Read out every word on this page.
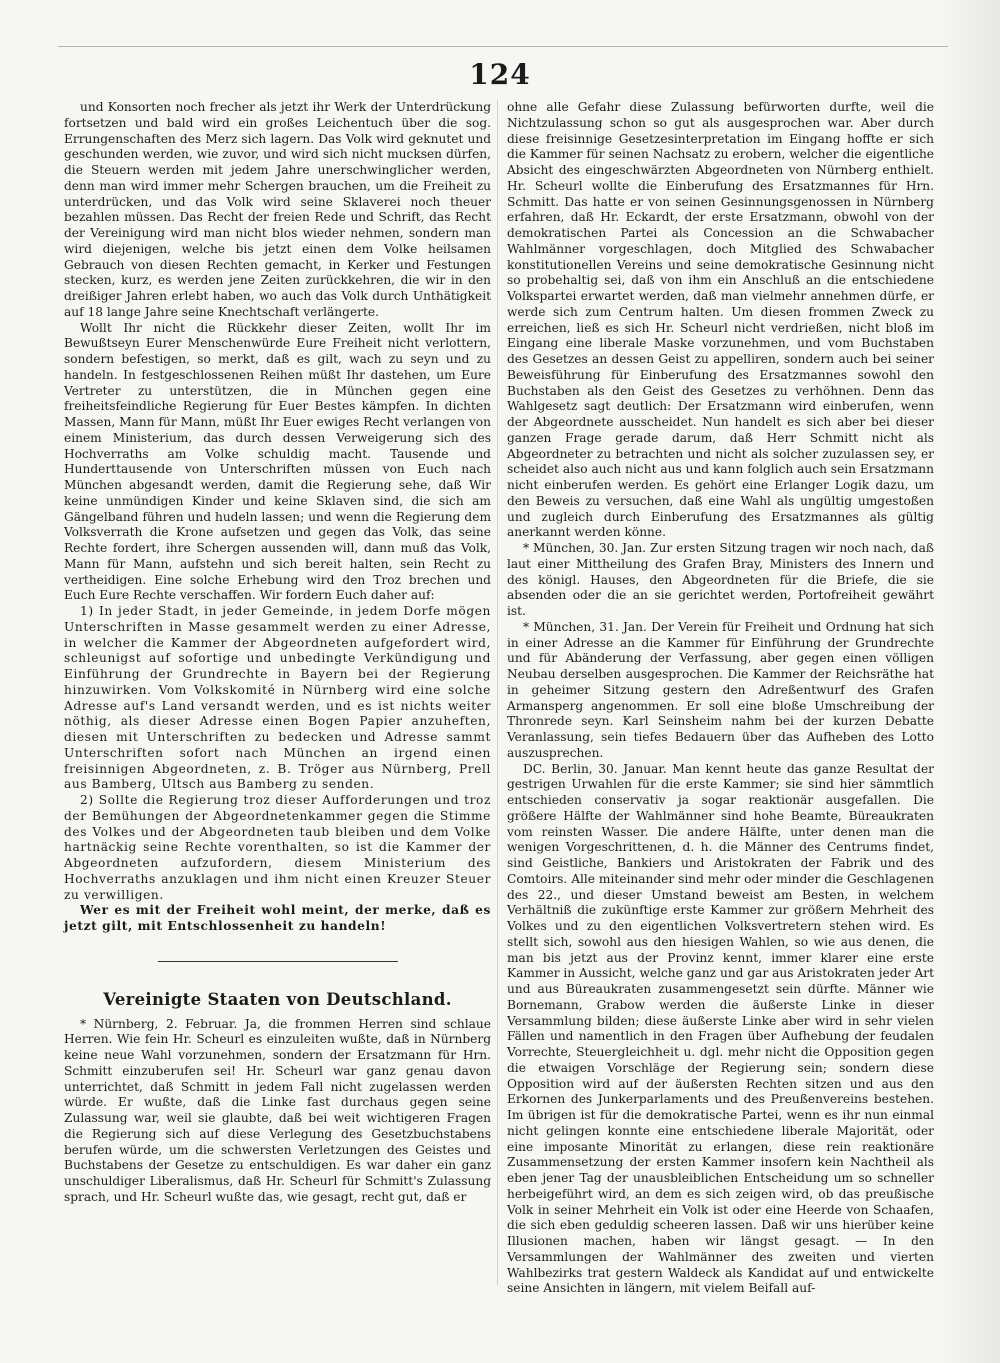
124

und Konsorten noch frecher als jetzt ihr Werk der Unterdrückung fortsetzen und bald wird ein großes Leichentuch über die sog. Errungenschaften des Merz sich lagern. Das Volk wird geknutet und geschunden werden, wie zuvor, und wird sich nicht mucksen dürfen, die Steuern werden mit jedem Jahre unerschwinglicher werden, denn man wird immer mehr Schergen brauchen, um die Freiheit zu unterdrücken, und das Volk wird seine Sklaverei noch theuer bezahlen müssen. Das Recht der freien Rede und Schrift, das Recht der Vereinigung wird man nicht blos wieder nehmen, sondern man wird diejenigen, welche bis jetzt einen dem Volke heilsamen Gebrauch von diesen Rechten gemacht, in Kerker und Festungen stecken, kurz, es werden jene Zeiten zurückkehren, die wir in den dreißiger Jahren erlebt haben, wo auch das Volk durch Unthätigkeit auf 18 lange Jahre seine Knechtschaft verlängerte.

Wollt Ihr nicht die Rückkehr dieser Zeiten, wollt Ihr im Bewußtseyn Eurer Menschenwürde Eure Freiheit nicht verlottern, sondern befestigen, so merkt, daß es gilt, wach zu seyn und zu handeln. In festgeschlossenen Reihen müßt Ihr dastehen, um Eure Vertreter zu unterstützen, die in München gegen eine freiheitsfeindliche Regierung für Euer Bestes kämpfen. In dichten Massen, Mann für Mann, müßt Ihr Euer ewiges Recht verlangen von einem Ministerium, das durch dessen Verweigerung sich des Hochverraths am Volke schuldig macht. Tausende und Hunderttausende von Unterschriften müssen von Euch nach München abgesandt werden, damit die Regierung sehe, daß Wir keine unmündigen Kinder und keine Sklaven sind, die sich am Gängelband führen und hudeln lassen; und wenn die Regierung dem Volksverrath die Krone aufsetzen und gegen das Volk, das seine Rechte fordert, ihre Schergen aussenden will, dann muß das Volk, Mann für Mann, aufstehn und sich bereit halten, sein Recht zu vertheidigen. Eine solche Erhebung wird den Troz brechen und Euch Eure Rechte verschaffen. Wir fordern Euch daher auf:

1) In jeder Stadt, in jeder Gemeinde, in jedem Dorfe mögen Unterschriften in Masse gesammelt werden zu einer Adresse, in welcher die Kammer der Abgeordneten aufgefordert wird, schleunigst auf sofortige und unbedingte Verkündigung und Einführung der Grundrechte in Bayern bei der Regierung hinzuwirken. Vom Volkskomité in Nürnberg wird eine solche Adresse auf's Land versandt werden, und es ist nichts weiter nöthig, als dieser Adresse einen Bogen Papier anzuheften, diesen mit Unterschriften zu bedecken und Adresse sammt Unterschriften sofort nach München an irgend einen freisinnigen Abgeordneten, z. B. Tröger aus Nürnberg, Prell aus Bamberg, Ultsch aus Bamberg zu senden.

2) Sollte die Regierung troz dieser Aufforderungen und troz der Bemühungen der Abgeordnetenkammer gegen die Stimme des Volkes und der Abgeordneten taub bleiben und dem Volke hartnäckig seine Rechte vorenthalten, so ist die Kammer der Abgeordneten aufzufordern, diesem Ministerium des Hochverraths anzuklagen und ihm nicht einen Kreuzer Steuer zu verwilligen.

Wer es mit der Freiheit wohl meint, der merke, daß es jetzt gilt, mit Entschlossenheit zu handeln!

Vereinigte Staaten von Deutschland.

* Nürnberg, 2. Februar. Ja, die frommen Herren sind schlaue Herren. Wie fein Hr. Scheurl es einzuleiten wußte, daß in Nürnberg keine neue Wahl vorzunehmen, sondern der Ersatzmann für Hrn. Schmitt einzuberufen sei! Hr. Scheurl war ganz genau davon unterrichtet, daß Schmitt in jedem Fall nicht zugelassen werden würde. Er wußte, daß die Linke fast durchaus gegen seine Zulassung war, weil sie glaubte, daß bei weit wichtigeren Fragen die Regierung sich auf diese Verlegung des Gesetzbuchstabens berufen würde, um die schwersten Verletzungen des Geistes und Buchstabens der Gesetze zu entschuldigen. Es war daher ein ganz unschuldiger Liberalismus, daß Hr. Scheurl für Schmitt's Zulassung sprach, und Hr. Scheurl wußte das, wie gesagt, recht gut, daß er

ohne alle Gefahr diese Zulassung befürworten durfte, weil die Nichtzulassung schon so gut als ausgesprochen war. Aber durch diese freisinnige Gesetzesinterpretation im Eingang hoffte er sich die Kammer für seinen Nachsatz zu erobern, welcher die eigentliche Absicht des eingeschwärzten Abgeordneten von Nürnberg enthielt. Hr. Scheurl wollte die Einberufung des Ersatzmannes für Hrn. Schmitt. Das hatte er von seinen Gesinnungsgenossen in Nürnberg erfahren, daß Hr. Eckardt, der erste Ersatzmann, obwohl von der demokratischen Partei als Concession an die Schwabacher Wahlmänner vorgeschlagen, doch Mitglied des Schwabacher konstitutionellen Vereins und seine demokratische Gesinnung nicht so probehaltig sei, daß von ihm ein Anschluß an die entschiedene Volkspartei erwartet werden, daß man vielmehr annehmen dürfe, er werde sich zum Centrum halten. Um diesen frommen Zweck zu erreichen, ließ es sich Hr. Scheurl nicht verdrießen, nicht bloß im Eingang eine liberale Maske vorzunehmen, und vom Buchstaben des Gesetzes an dessen Geist zu appelliren, sondern auch bei seiner Beweisführung für Einberufung des Ersatzmannes sowohl den Buchstaben als den Geist des Gesetzes zu verhöhnen. Denn das Wahlgesetz sagt deutlich: Der Ersatzmann wird einberufen, wenn der Abgeordnete ausscheidet. Nun handelt es sich aber bei dieser ganzen Frage gerade darum, daß Herr Schmitt nicht als Abgeordneter zu betrachten und nicht als solcher zuzulassen sey, er scheidet also auch nicht aus und kann folglich auch sein Ersatzmann nicht einberufen werden. Es gehört eine Erlanger Logik dazu, um den Beweis zu versuchen, daß eine Wahl als ungültig umgestoßen und zugleich durch Einberufung des Ersatzmannes als gültig anerkannt werden könne.

* München, 30. Jan. Zur ersten Sitzung tragen wir noch nach, daß laut einer Mittheilung des Grafen Bray, Ministers des Innern und des königl. Hauses, den Abgeordneten für die Briefe, die sie absenden oder die an sie gerichtet werden, Portofreiheit gewährt ist.

* München, 31. Jan. Der Verein für Freiheit und Ordnung hat sich in einer Adresse an die Kammer für Einführung der Grundrechte und für Abänderung der Verfassung, aber gegen einen völligen Neubau derselben ausgesprochen. Die Kammer der Reichsräthe hat in geheimer Sitzung gestern den Adreßentwurf des Grafen Armansperg angenommen. Er soll eine bloße Umschreibung der Thronrede seyn. Karl Seinsheim nahm bei der kurzen Debatte Veranlassung, sein tiefes Bedauern über das Aufheben des Lotto auszusprechen.

DC. Berlin, 30. Januar. Man kennt heute das ganze Resultat der gestrigen Urwahlen für die erste Kammer; sie sind hier sämmtlich entschieden conservativ ja sogar reaktionär ausgefallen. Die größere Hälfte der Wahlmänner sind hohe Beamte, Büreaukraten vom reinsten Wasser. Die andere Hälfte, unter denen man die wenigen Vorgeschrittenen, d. h. die Männer des Centrums findet, sind Geistliche, Bankiers und Aristokraten der Fabrik und des Comtoirs. Alle miteinander sind mehr oder minder die Geschlagenen des 22., und dieser Umstand beweist am Besten, in welchem Verhältniß die zukünftige erste Kammer zur größern Mehrheit des Volkes und zu den eigentlichen Volksvertretern stehen wird. Es stellt sich, sowohl aus den hiesigen Wahlen, so wie aus denen, die man bis jetzt aus der Provinz kennt, immer klarer eine erste Kammer in Aussicht, welche ganz und gar aus Aristokraten jeder Art und aus Büreaukraten zusammengesetzt sein dürfte. Männer wie Bornemann, Grabow werden die äußerste Linke in dieser Versammlung bilden; diese äußerste Linke aber wird in sehr vielen Fällen und namentlich in den Fragen über Aufhebung der feudalen Vorrechte, Steuergleichheit u. dgl. mehr nicht die Opposition gegen die etwaigen Vorschläge der Regierung sein; sondern diese Opposition wird auf der äußersten Rechten sitzen und aus den Erkornen des Junkerparlaments und des Preußenvereins bestehen. Im übrigen ist für die demokratische Partei, wenn es ihr nun einmal nicht gelingen konnte eine entschiedene liberale Majorität, oder eine imposante Minorität zu erlangen, diese rein reaktionäre Zusammensetzung der ersten Kammer insofern kein Nachtheil als eben jener Tag der unausbleiblichen Entscheidung um so schneller herbeigeführt wird, an dem es sich zeigen wird, ob das preußische Volk in seiner Mehrheit ein Volk ist oder eine Heerde von Schaafen, die sich eben geduldig scheeren lassen. Daß wir uns hierüber keine Illusionen machen, haben wir längst gesagt. — In den Versammlungen der Wahlmänner des zweiten und vierten Wahlbezirks trat gestern Waldeck als Kandidat auf und entwickelte seine Ansichten in längern, mit vielem Beifall auf-
